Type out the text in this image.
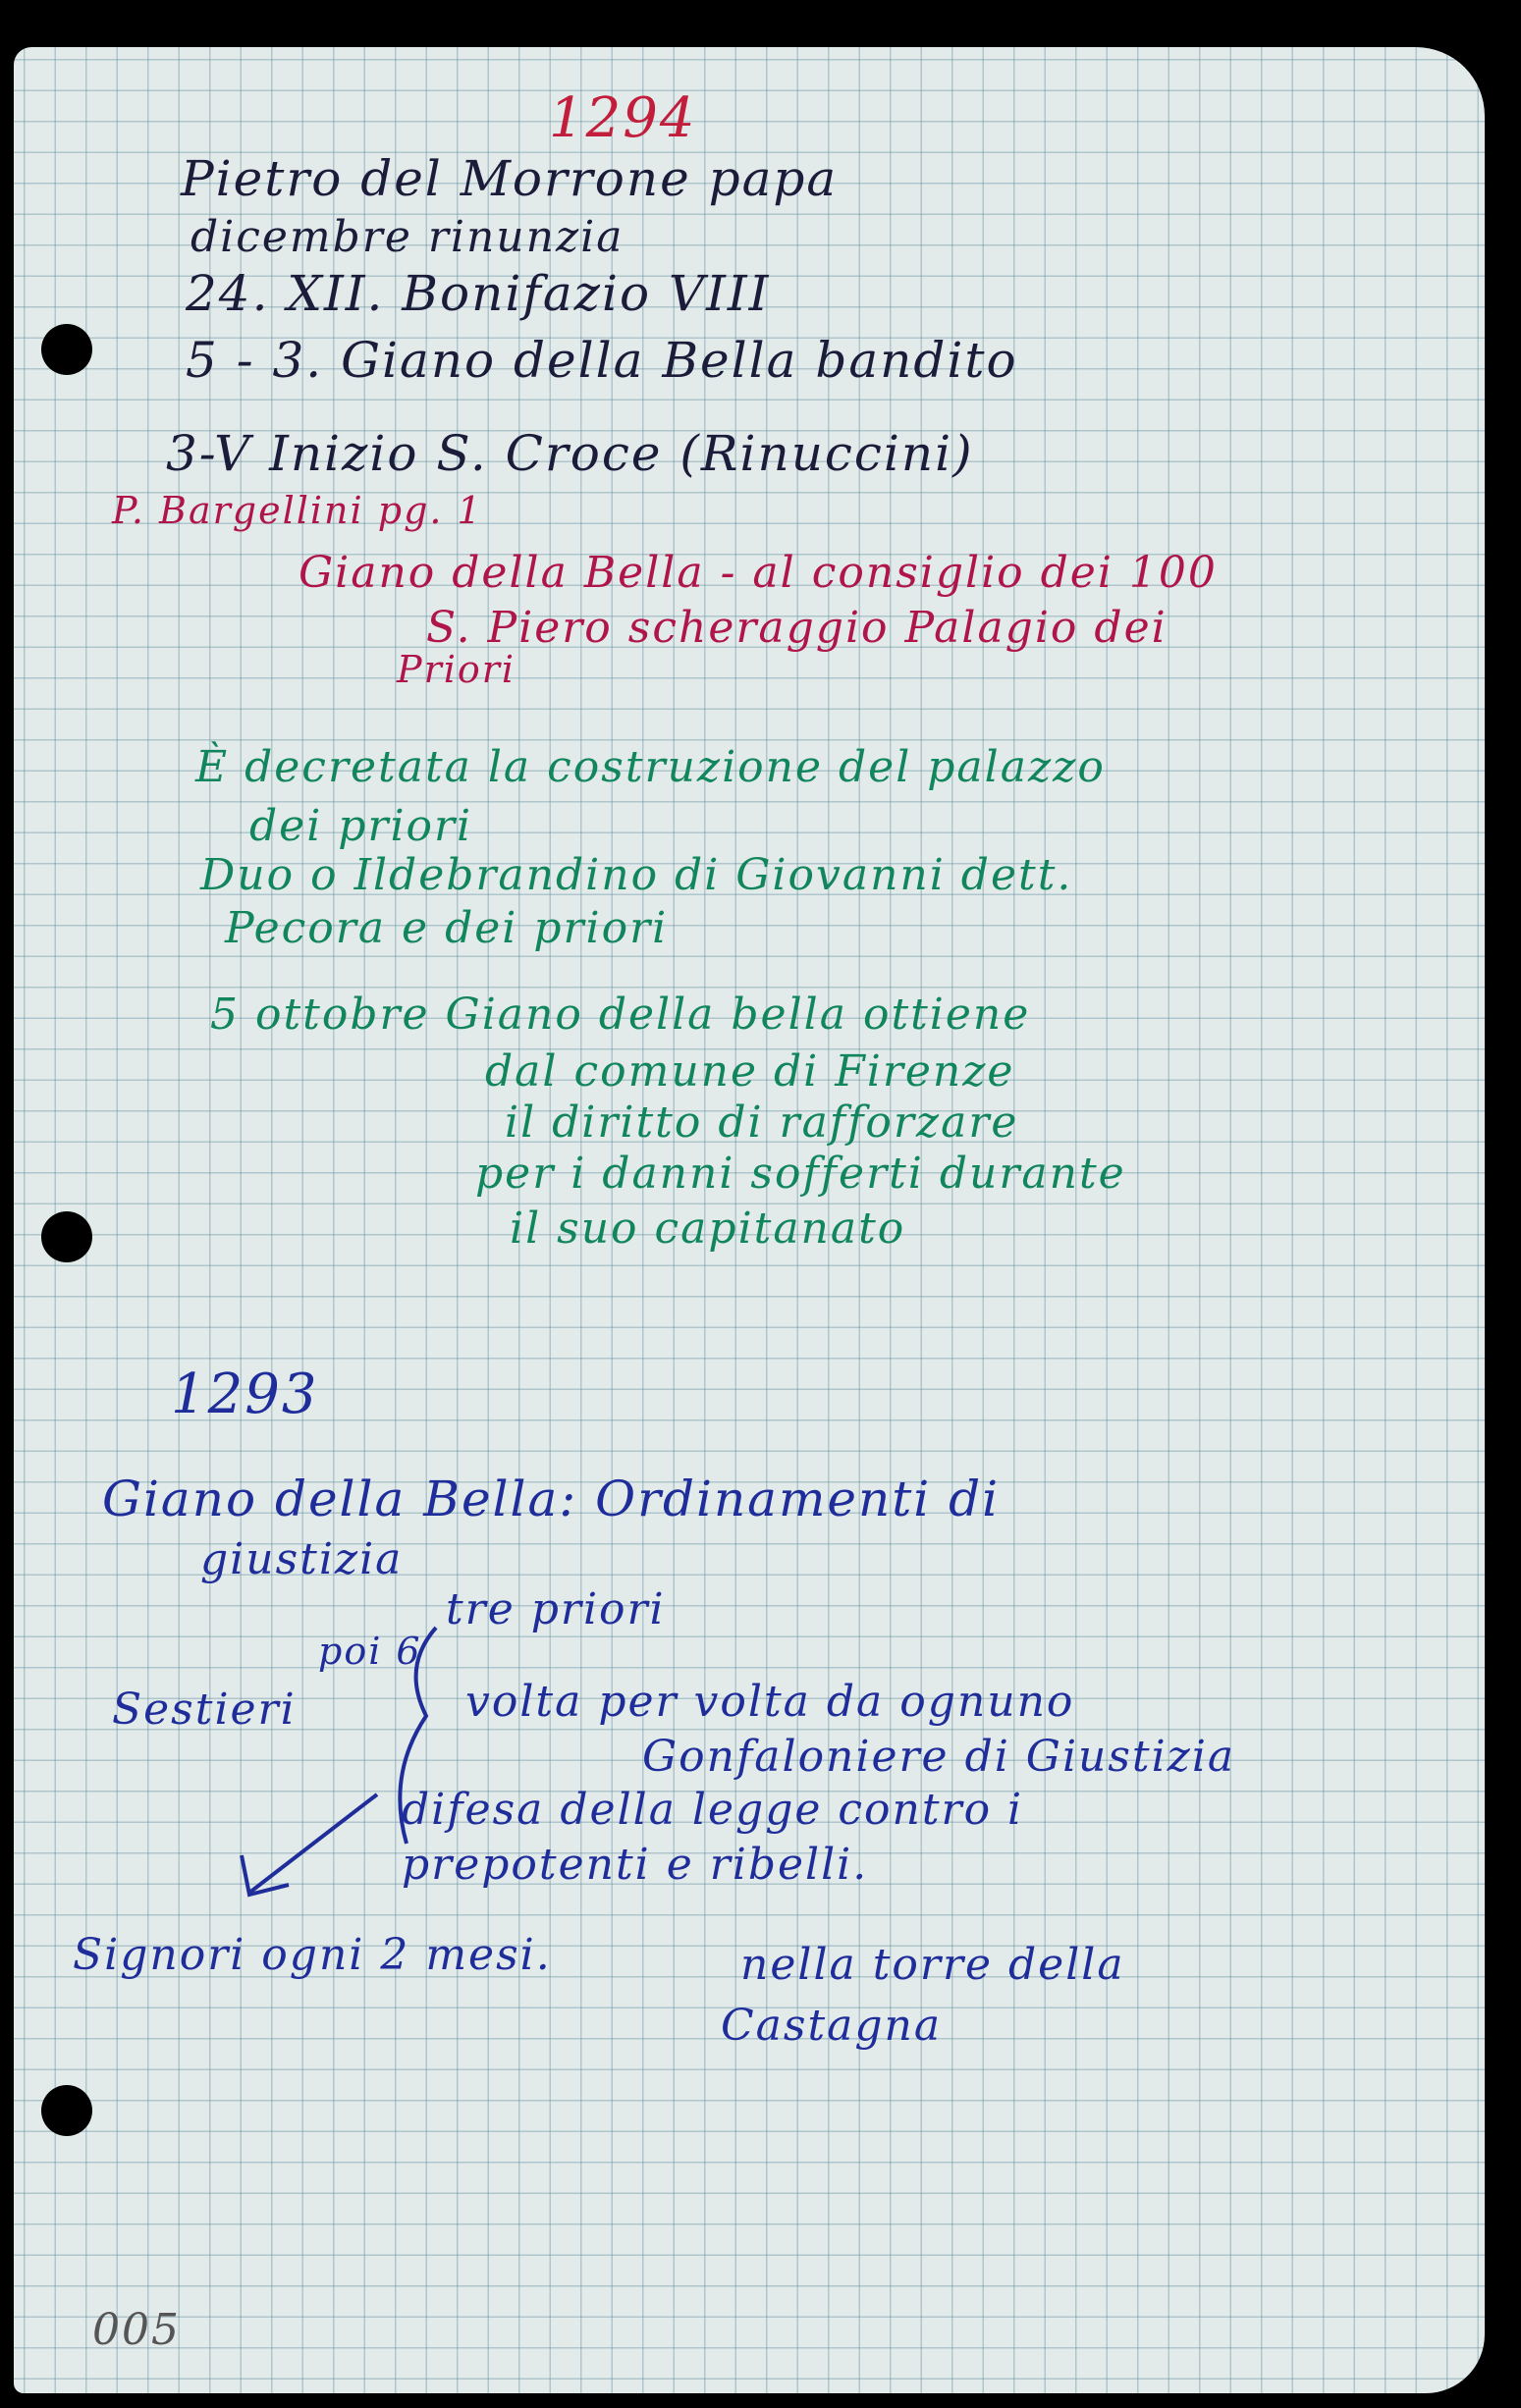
1294
Pietro del Morrone papa
dicembre rinunzia
24. XII. Bonifazio VIII
5 - 3. Giano della Bella bandito
3-V Inizio S. Croce (Rinuccini)
P. Bargellini pg. 1
Giano della Bella - al consiglio dei 100
S. Piero scheraggio Palagio dei
Priori
È decretata la costruzione del palazzo
dei priori
Duo o Ildebrandino di Giovanni dett.
Pecora e dei priori
5 ottobre Giano della bella ottiene
dal comune di Firenze
il diritto di rafforzare
per i danni sofferti durante
il suo capitanato
1293
Giano della Bella: Ordinamenti di
giustizia
tre priori
poi 6
Sestieri	volta per volta da ognuno
Gonfaloniere di Giustizia
difesa della legge contro i
prepotenti e ribelli.
Signori ogni 2 mesi.	nella torre della
Castagna
005
